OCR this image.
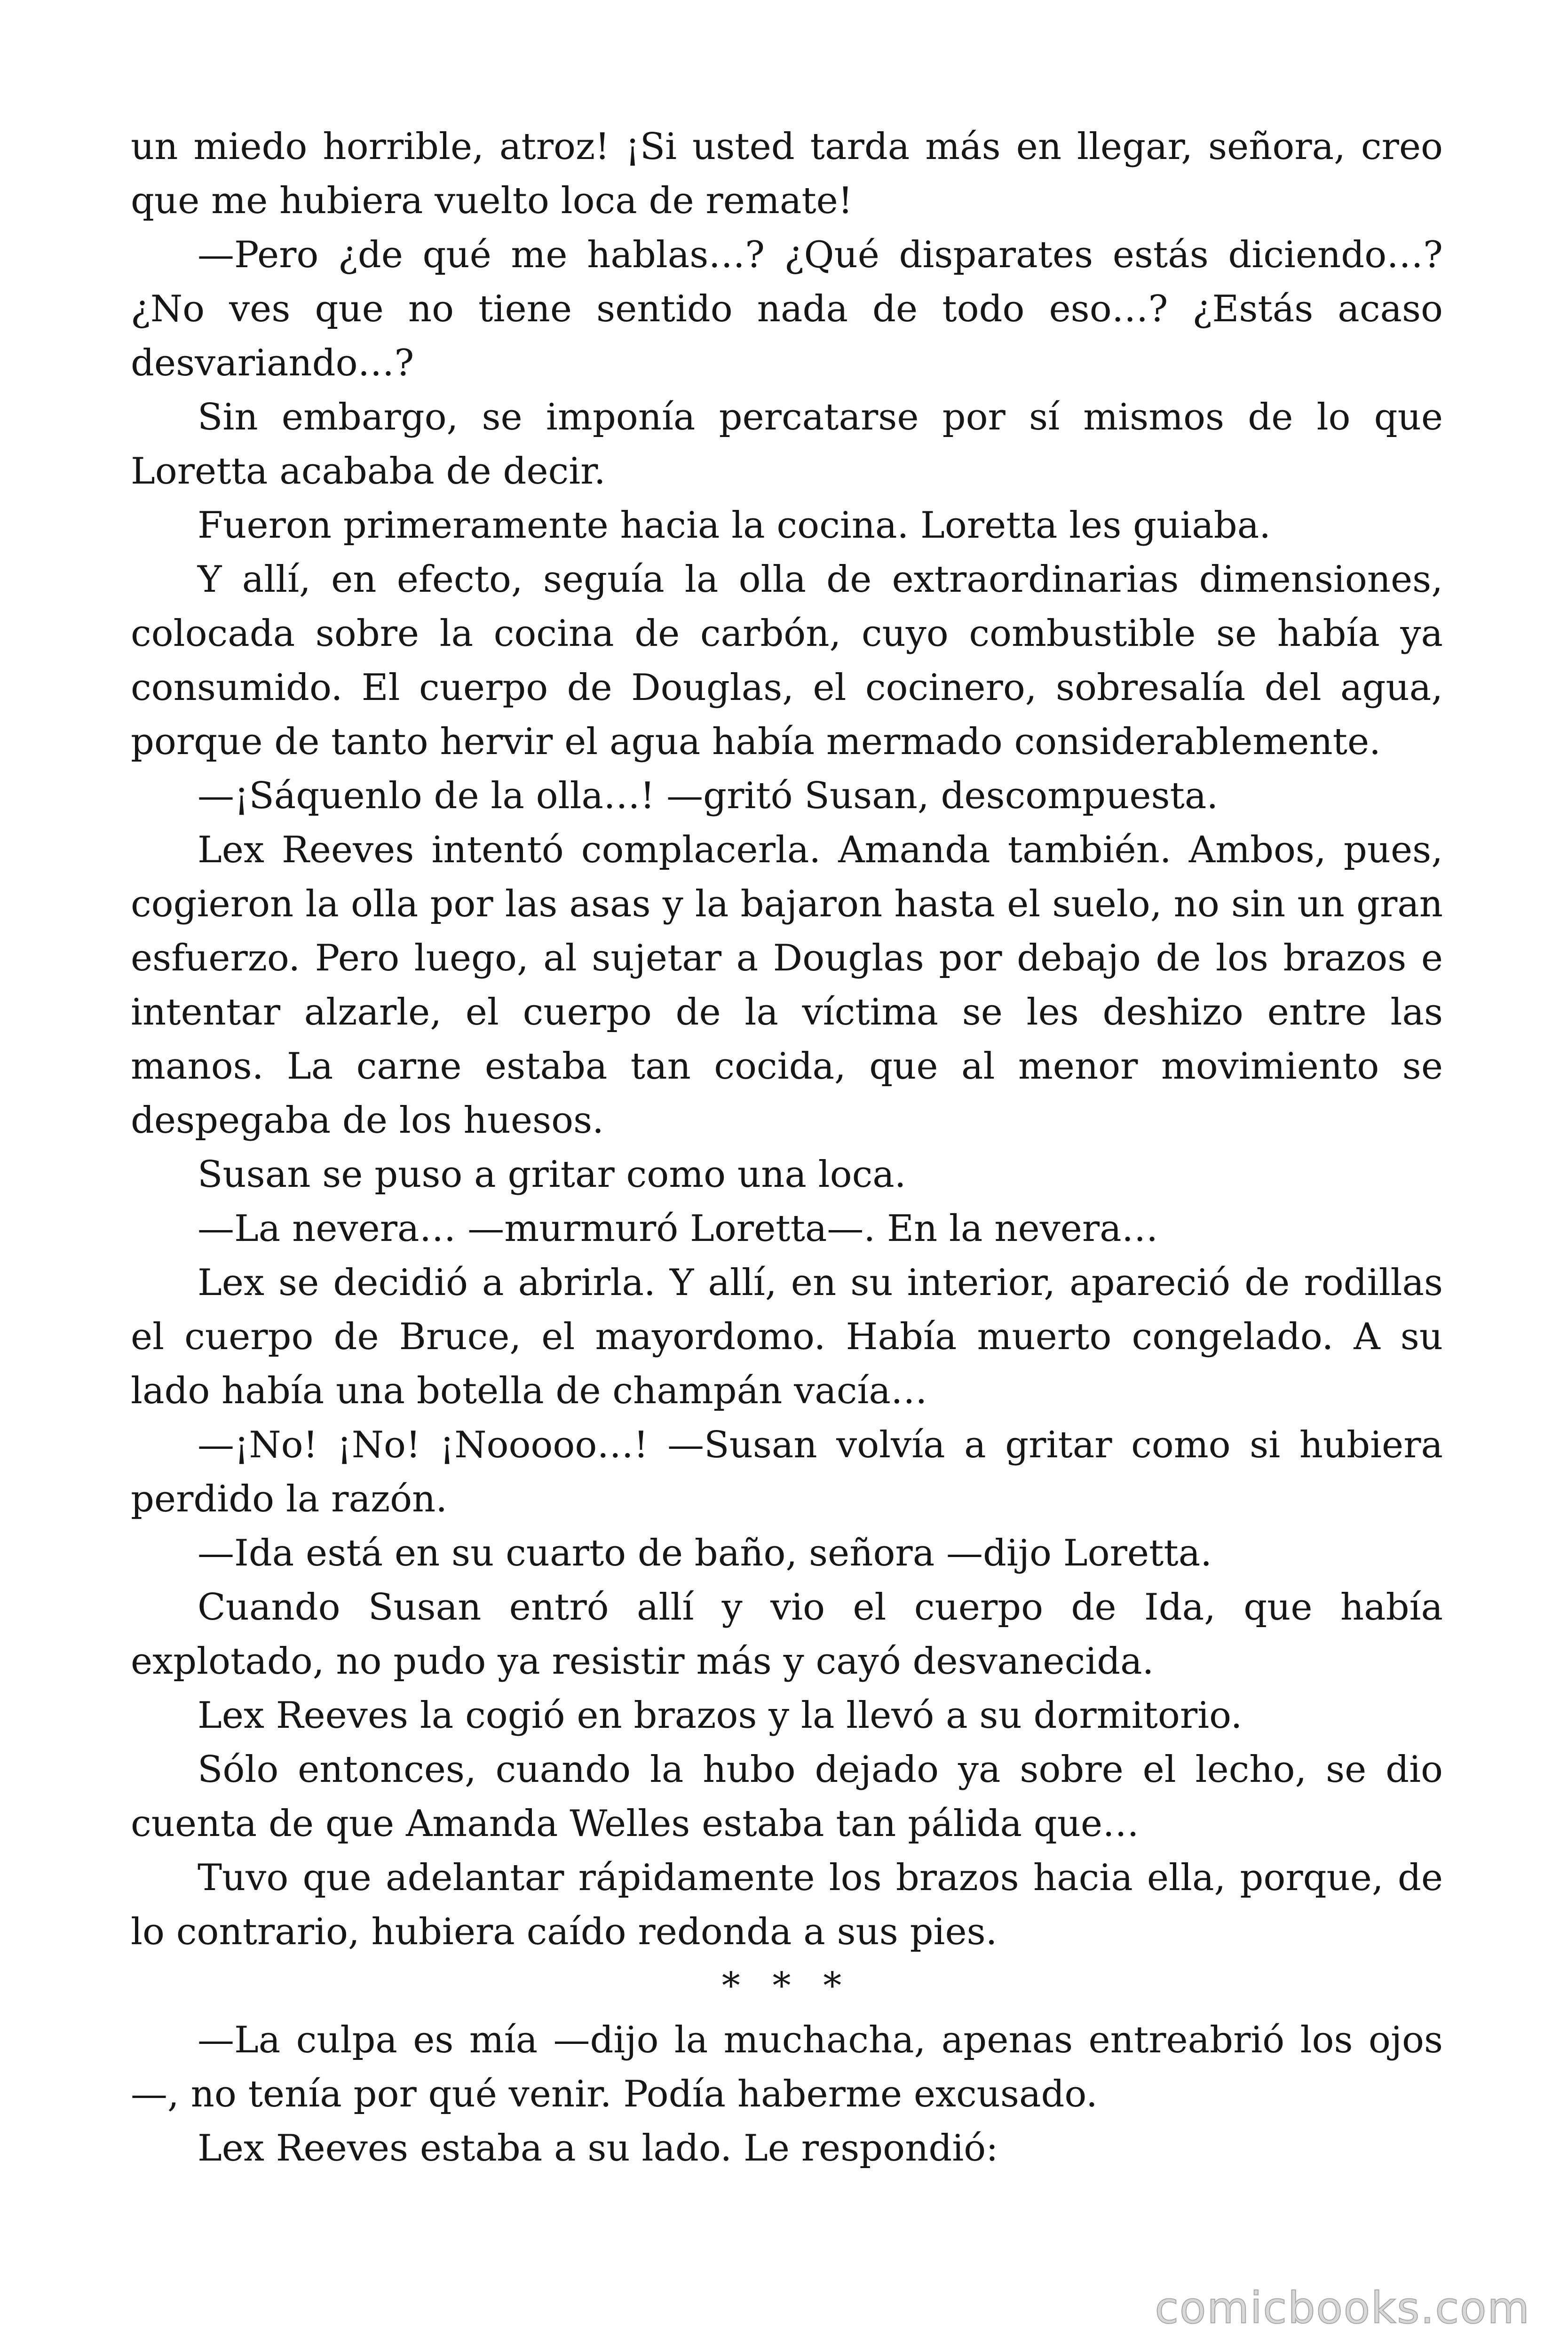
un miedo horrible, atroz! ¡Si usted tarda más en llegar, señora, creo que me hubiera vuelto loca de remate!

—Pero ¿de qué me hablas…? ¿Qué disparates estás diciendo…? ¿No ves que no tiene sentido nada de todo eso…? ¿Estás acaso desvariando…?

Sin embargo, se imponía percatarse por sí mismos de lo que Loretta acababa de decir.

Fueron primeramente hacia la cocina. Loretta les guiaba.

Y allí, en efecto, seguía la olla de extraordinarias dimensiones, colocada sobre la cocina de carbón, cuyo combustible se había ya consumido. El cuerpo de Douglas, el cocinero, sobresalía del agua, porque de tanto hervir el agua había mermado considerablemente.

—¡Sáquenlo de la olla…! —gritó Susan, descompuesta.

Lex Reeves intentó complacerla. Amanda también. Ambos, pues, cogieron la olla por las asas y la bajaron hasta el suelo, no sin un gran esfuerzo. Pero luego, al sujetar a Douglas por debajo de los brazos e intentar alzarle, el cuerpo de la víctima se les deshizo entre las manos. La carne estaba tan cocida, que al menor movimiento se despegaba de los huesos.

Susan se puso a gritar como una loca.

—La nevera… —murmuró Loretta—. En la nevera…

Lex se decidió a abrirla. Y allí, en su interior, apareció de rodillas el cuerpo de Bruce, el mayordomo. Había muerto congelado. A su lado había una botella de champán vacía…

—¡No! ¡No! ¡Nooooo…! —Susan volvía a gritar como si hubiera perdido la razón.

—Ida está en su cuarto de baño, señora —dijo Loretta.

Cuando Susan entró allí y vio el cuerpo de Ida, que había explotado, no pudo ya resistir más y cayó desvanecida.

Lex Reeves la cogió en brazos y la llevó a su dormitorio.

Sólo entonces, cuando la hubo dejado ya sobre el lecho, se dio cuenta de que Amanda Welles estaba tan pálida que…

Tuvo que adelantar rápidamente los brazos hacia ella, porque, de lo contrario, hubiera caído redonda a sus pies.

* * *

—La culpa es mía —dijo la muchacha, apenas entreabrió los ojos —, no tenía por qué venir. Podía haberme excusado.

Lex Reeves estaba a su lado. Le respondió:

comicbooks.com
